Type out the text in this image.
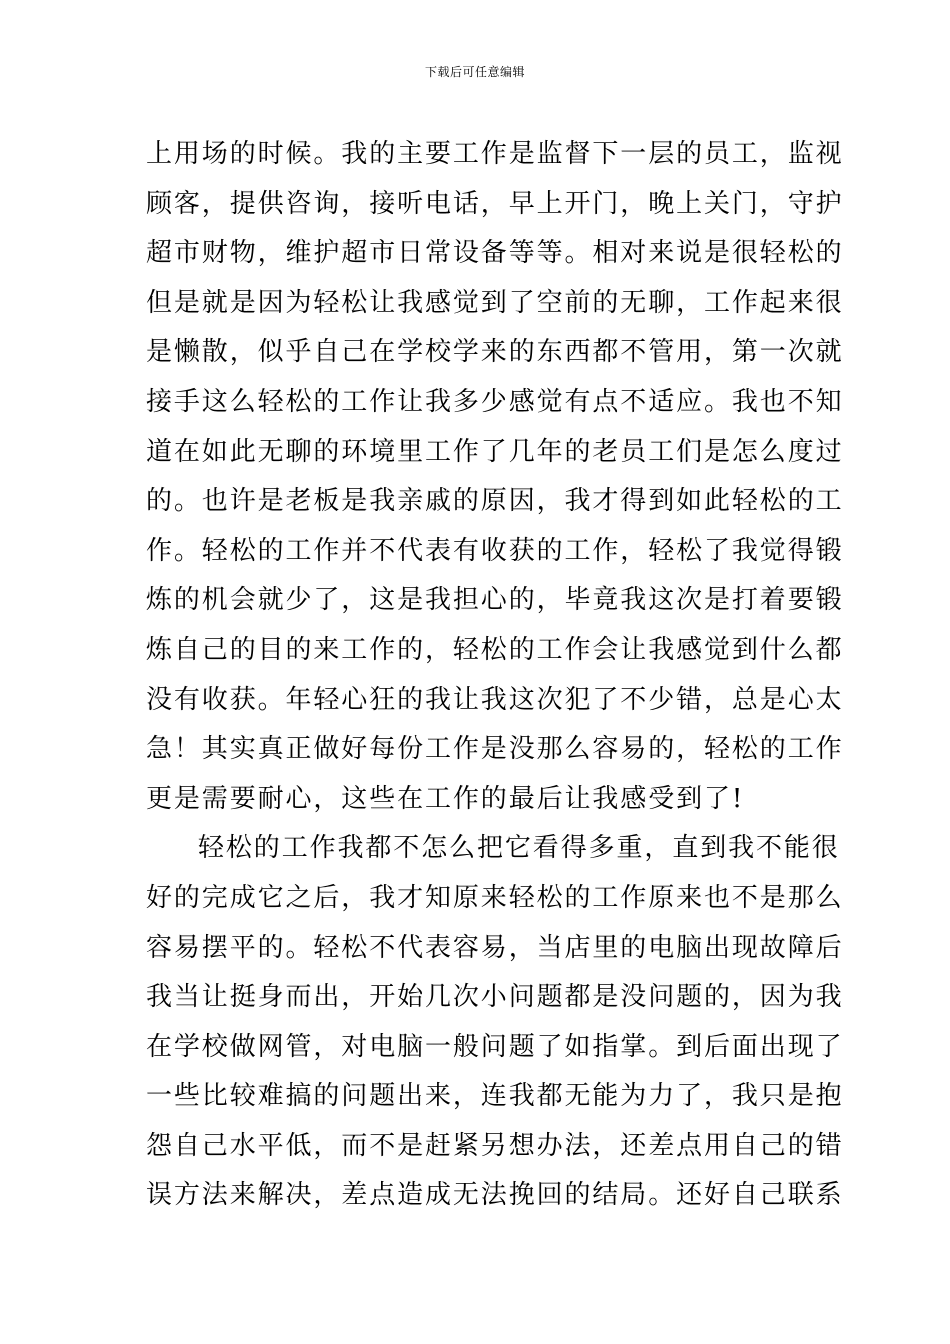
下载后可任意编辑
上用场的时候。我的主要工作是监督下一层的员工，监视
顾客，提供咨询，接听电话，早上开门，晚上关门，守护
超市财物，维护超市日常设备等等。相对来说是很轻松的
但是就是因为轻松让我感觉到了空前的无聊，工作起来很
是懒散，似乎自己在学校学来的东西都不管用，第一次就
接手这么轻松的工作让我多少感觉有点不适应。我也不知
道在如此无聊的环境里工作了几年的老员工们是怎么度过
的。也许是老板是我亲戚的原因，我才得到如此轻松的工
作。轻松的工作并不代表有收获的工作，轻松了我觉得锻
炼的机会就少了，这是我担心的，毕竟我这次是打着要锻
炼自己的目的来工作的，轻松的工作会让我感觉到什么都
没有收获。年轻心狂的我让我这次犯了不少错，总是心太
急！其实真正做好每份工作是没那么容易的，轻松的工作
更是需要耐心，这些在工作的最后让我感受到了!
轻松的工作我都不怎么把它看得多重，直到我不能很
好的完成它之后，我才知原来轻松的工作原来也不是那么
容易摆平的。轻松不代表容易，当店里的电脑出现故障后
我当让挺身而出，开始几次小问题都是没问题的，因为我
在学校做网管，对电脑一般问题了如指掌。到后面出现了
一些比较难搞的问题出来，连我都无能为力了，我只是抱
怨自己水平低，而不是赶紧另想办法，还差点用自己的错
误方法来解决，差点造成无法挽回的结局。还好自己联系
